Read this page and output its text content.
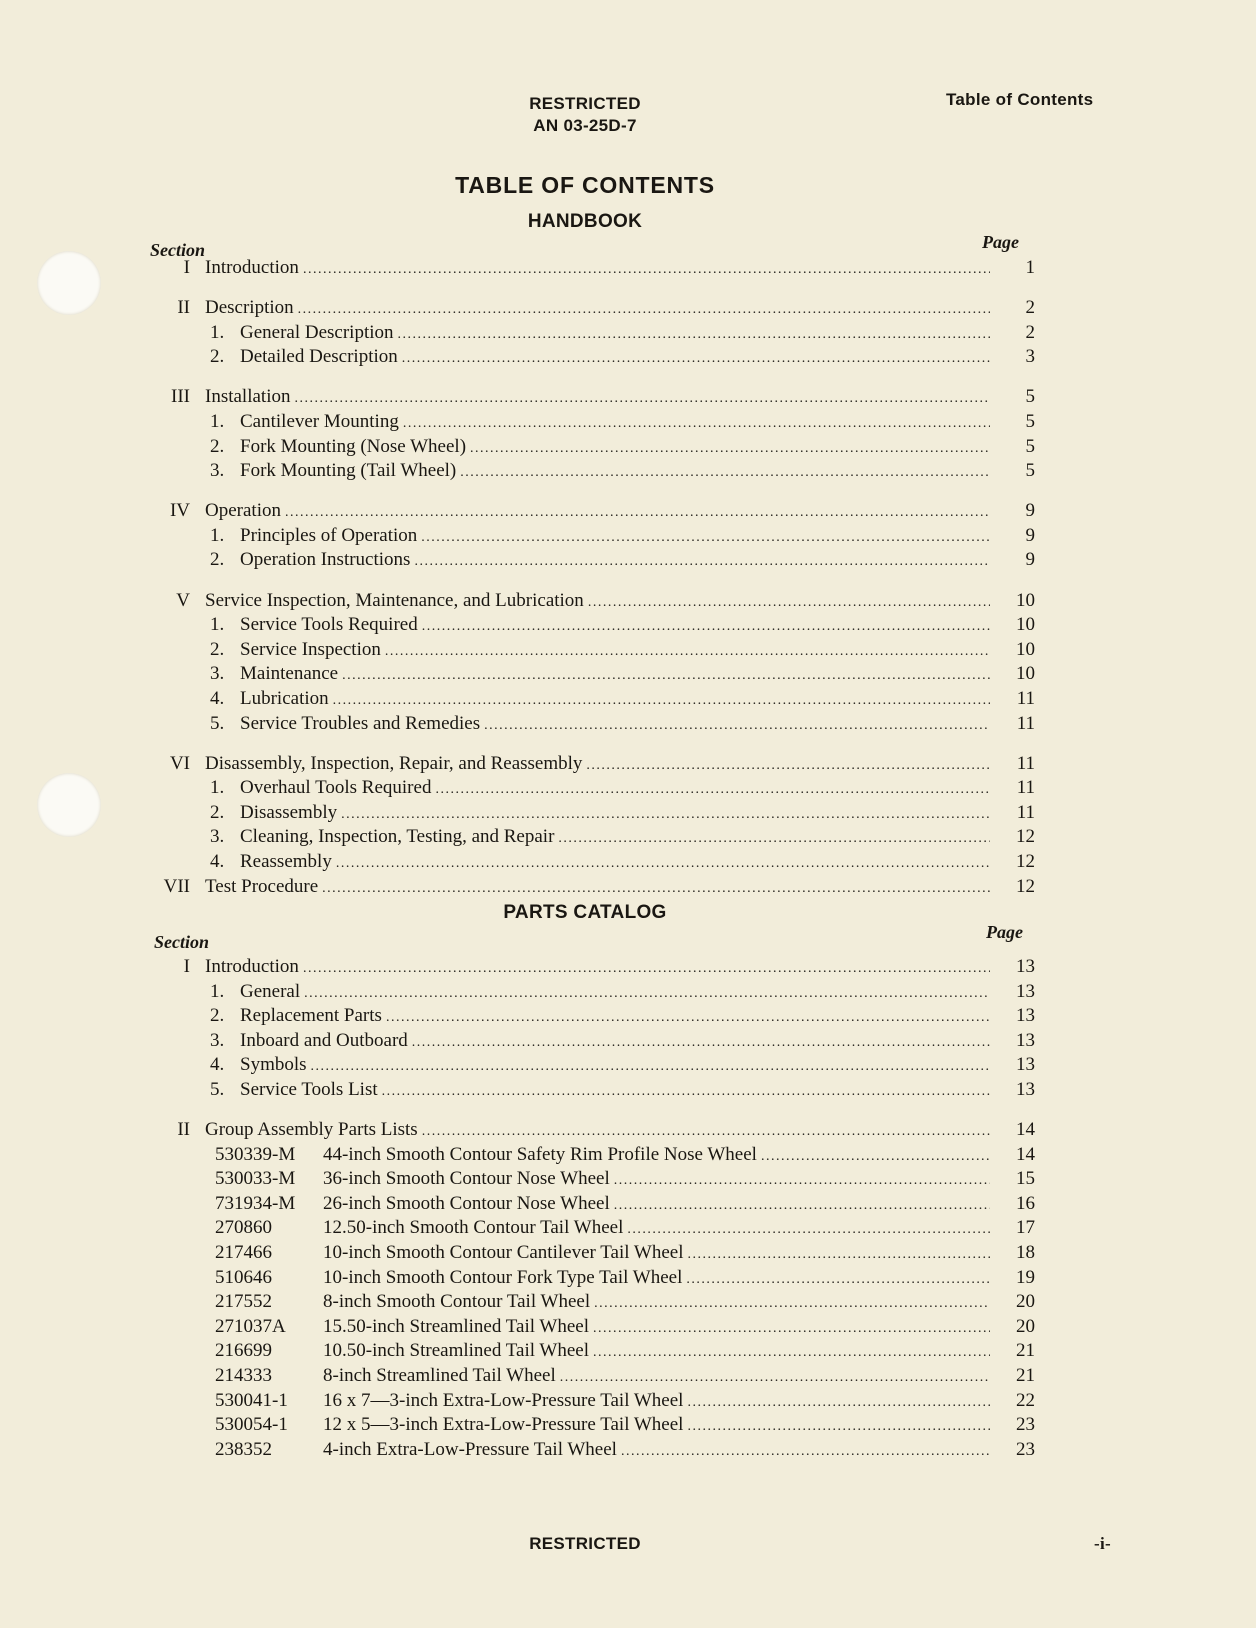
RESTRICTED
AN 03-25D-7
Table of Contents
TABLE OF CONTENTS
HANDBOOK
Section	Page
I Introduction . . .	1
II Description . . .	2
1. General Description . . .	2
2. Detailed Description . . .	3
III Installation . . .	5
1. Cantilever Mounting . . .	5
2. Fork Mounting (Nose Wheel) . . .	5
3. Fork Mounting (Tail Wheel) . . .	5
IV Operation . . .	9
1. Principles of Operation . . .	9
2. Operation Instructions . . .	9
V Service Inspection, Maintenance, and Lubrication . . .	10
1. Service Tools Required . . .	10
2. Service Inspection . . .	10
3. Maintenance . . .	10
4. Lubrication . . .	11
5. Service Troubles and Remedies . . .	11
VI Disassembly, Inspection, Repair, and Reassembly . . .	11
1. Overhaul Tools Required . . .	11
2. Disassembly . . .	11
3. Cleaning, Inspection, Testing, and Repair . . .	12
4. Reassembly . . .	12
VII Test Procedure . . .	12
PARTS CATALOG
Section	Page
I Introduction . . .	13
1. General . . .	13
2. Replacement Parts . . .	13
3. Inboard and Outboard . . .	13
4. Symbols . . .	13
5. Service Tools List . . .	13
II Group Assembly Parts Lists . . .	14
530339-M	44-inch Smooth Contour Safety Rim Profile Nose Wheel . . .	14
530033-M	36-inch Smooth Contour Nose Wheel . . .	15
731934-M	26-inch Smooth Contour Nose Wheel . . .	16
270860	12.50-inch Smooth Contour Tail Wheel . . .	17
217466	10-inch Smooth Contour Cantilever Tail Wheel . . .	18
510646	10-inch Smooth Contour Fork Type Tail Wheel . . .	19
217552	8-inch Smooth Contour Tail Wheel . . .	20
271037A	15.50-inch Streamlined Tail Wheel . . .	20
216699	10.50-inch Streamlined Tail Wheel . . .	21
214333	8-inch Streamlined Tail Wheel . . .	21
530041-1	16 x 7—3-inch Extra-Low-Pressure Tail Wheel . . .	22
530054-1	12 x 5—3-inch Extra-Low-Pressure Tail Wheel . . .	23
238352	4-inch Extra-Low-Pressure Tail Wheel . . .	23
RESTRICTED	-i-
